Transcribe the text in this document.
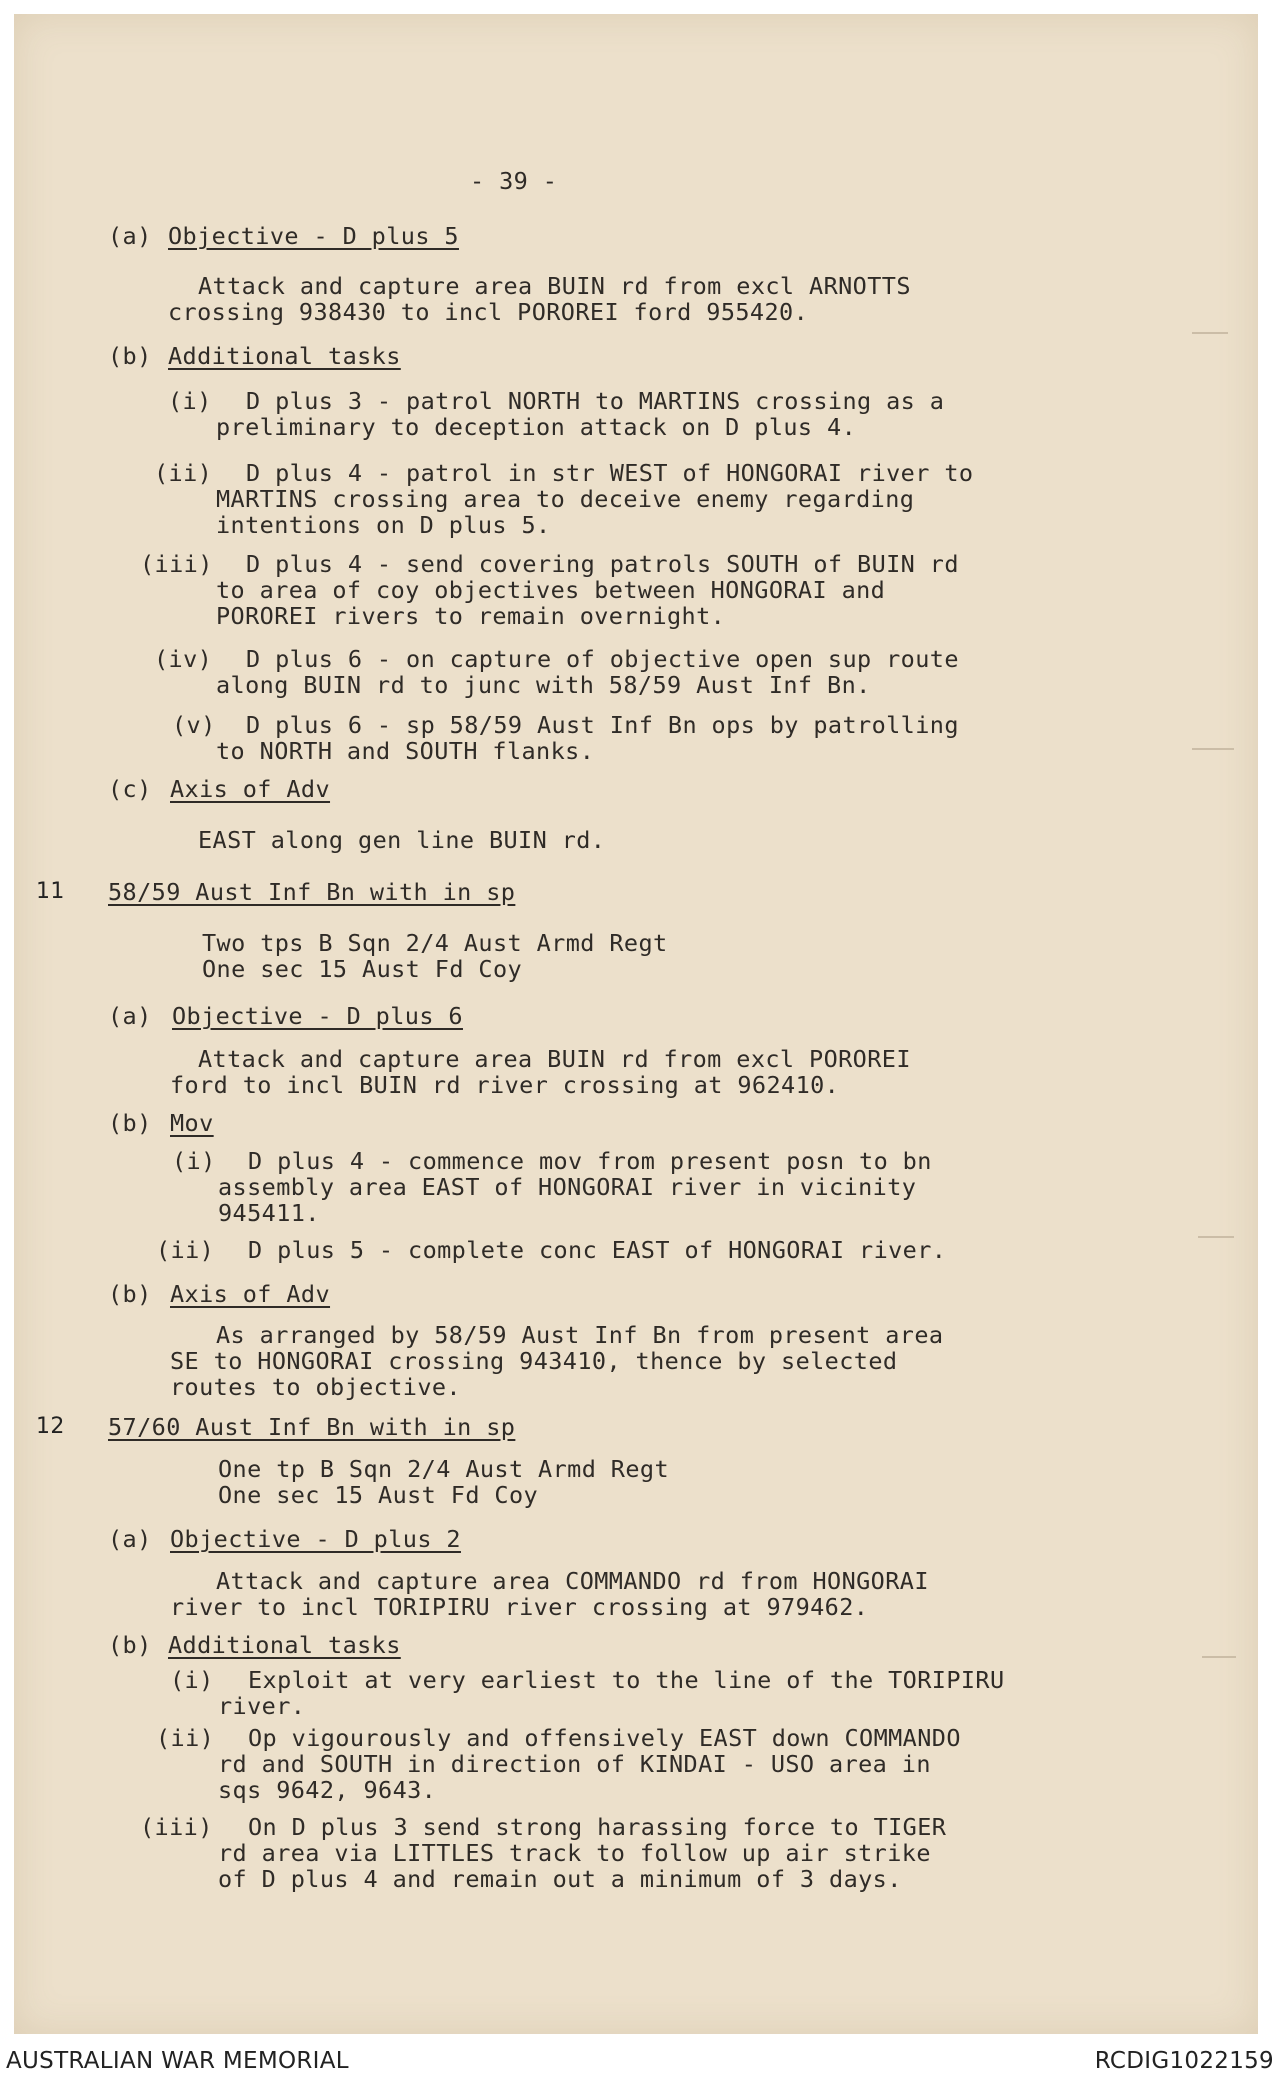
- 39 -
(a) Objective - D plus 5
Attack and capture area BUIN rd from excl ARNOTTS
crossing 938430 to incl POROREI ford 955420.
(b) Additional tasks
(i) D plus 3 - patrol NORTH to MARTINS crossing as a
preliminary to deception attack on D plus 4.
(ii) D plus 4 - patrol in str WEST of HONGORAI river to
MARTINS crossing area to deceive enemy regarding
intentions on D plus 5.
(iii) D plus 4 - send covering patrols SOUTH of BUIN rd
to area of coy objectives between HONGORAI and
POROREI rivers to remain overnight.
(iv) D plus 6 - on capture of objective open sup route
along BUIN rd to junc with 58/59 Aust Inf Bn.
(v) D plus 6 - sp 58/59 Aust Inf Bn ops by patrolling
to NORTH and SOUTH flanks.
(c) Axis of Adv
EAST along gen line BUIN rd.
11 58/59 Aust Inf Bn with in sp
Two tps B Sqn 2/4 Aust Armd Regt
One sec 15 Aust Fd Coy
(a) Objective - D plus 6
Attack and capture area BUIN rd from excl POROREI
ford to incl BUIN rd river crossing at 962410.
(b) Mov
(i) D plus 4 - commence mov from present posn to bn
assembly area EAST of HONGORAI river in vicinity
945411.
(ii) D plus 5 - complete conc EAST of HONGORAI river.
(b) Axis of Adv
As arranged by 58/59 Aust Inf Bn from present area
SE to HONGORAI crossing 943410, thence by selected
routes to objective.
12 57/60 Aust Inf Bn with in sp
One tp B Sqn 2/4 Aust Armd Regt
One sec 15 Aust Fd Coy
(a) Objective - D plus 2
Attack and capture area COMMANDO rd from HONGORAI
river to incl TORIPIRU river crossing at 979462.
(b) Additional tasks
(i) Exploit at very earliest to the line of the TORIPIRU
river.
(ii) Op vigourously and offensively EAST down COMMANDO
rd and SOUTH in direction of KINDAI - USO area in
sqs 9642, 9643.
(iii) On D plus 3 send strong harassing force to TIGER
rd area via LITTLES track to follow up air strike
of D plus 4 and remain out a minimum of 3 days.
AUSTRALIAN WAR MEMORIAL	RCDIG1022159
